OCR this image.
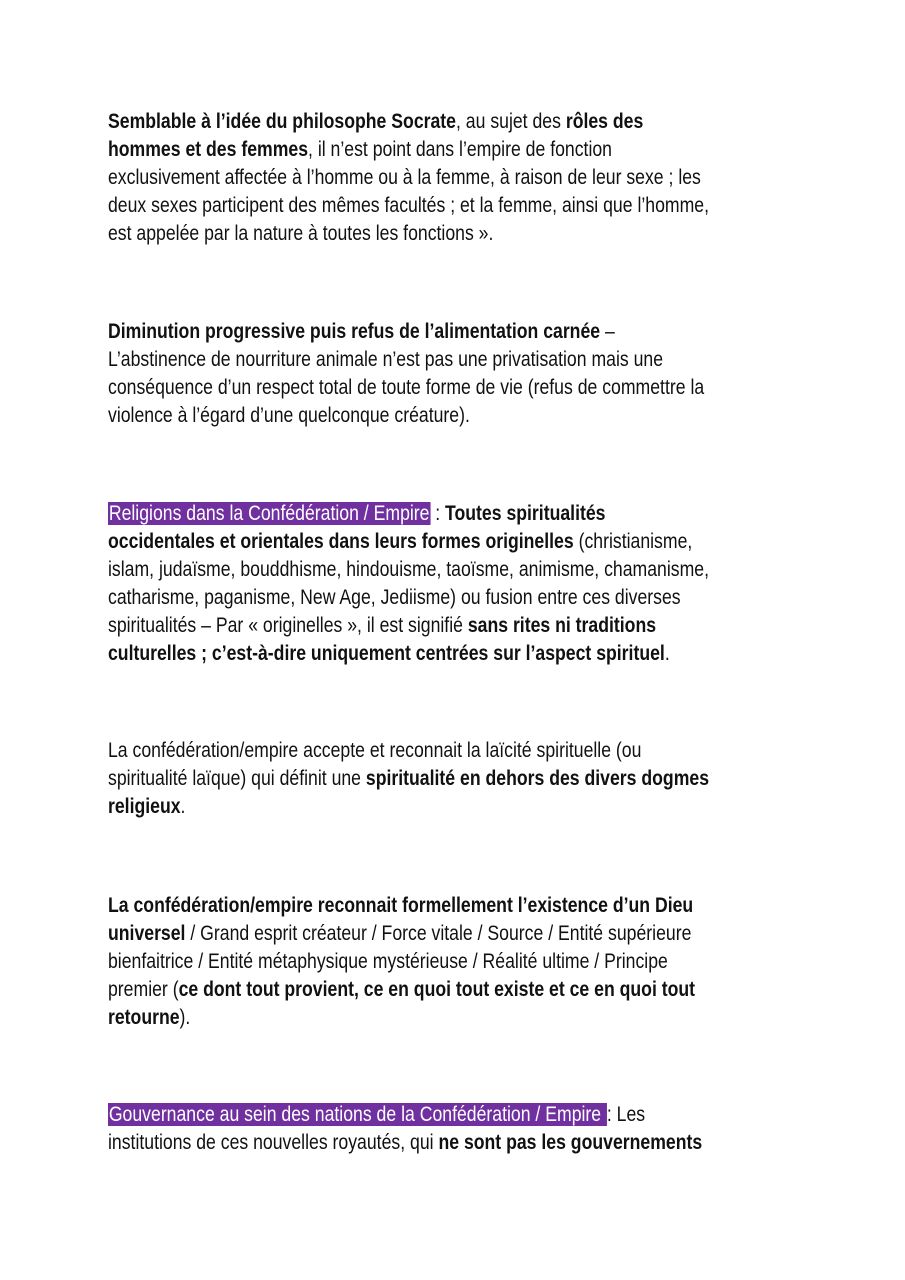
Semblable à l’idée du philosophe Socrate, au sujet des rôles des
hommes et des femmes, il n’est point dans l’empire de fonction
exclusivement affectée à l’homme ou à la femme, à raison de leur sexe ; les
deux sexes participent des mêmes facultés ; et la femme, ainsi que l’homme,
est appelée par la nature à toutes les fonctions ».
Diminution progressive puis refus de l’alimentation carnée –
L’abstinence de nourriture animale n’est pas une privatisation mais une
conséquence d’un respect total de toute forme de vie (refus de commettre la
violence à l’égard d’une quelconque créature).
Religions dans la Confédération / Empire : Toutes spiritualités
occidentales et orientales dans leurs formes originelles (christianisme,
islam, judaïsme, bouddhisme, hindouisme, taoïsme, animisme, chamanisme,
catharisme, paganisme, New Age, Jediisme) ou fusion entre ces diverses
spiritualités – Par « originelles », il est signifié sans rites ni traditions
culturelles ; c’est-à-dire uniquement centrées sur l’aspect spirituel.
La confédération/empire accepte et reconnait la laïcité spirituelle (ou
spiritualité laïque) qui définit une spiritualité en dehors des divers dogmes
religieux.
La confédération/empire reconnait formellement l’existence d’un Dieu
universel / Grand esprit créateur / Force vitale / Source / Entité supérieure
bienfaitrice / Entité métaphysique mystérieuse / Réalité ultime / Principe
premier (ce dont tout provient, ce en quoi tout existe et ce en quoi tout
retourne).
Gouvernance au sein des nations de la Confédération / Empire : Les
institutions de ces nouvelles royautés, qui ne sont pas les gouvernements
